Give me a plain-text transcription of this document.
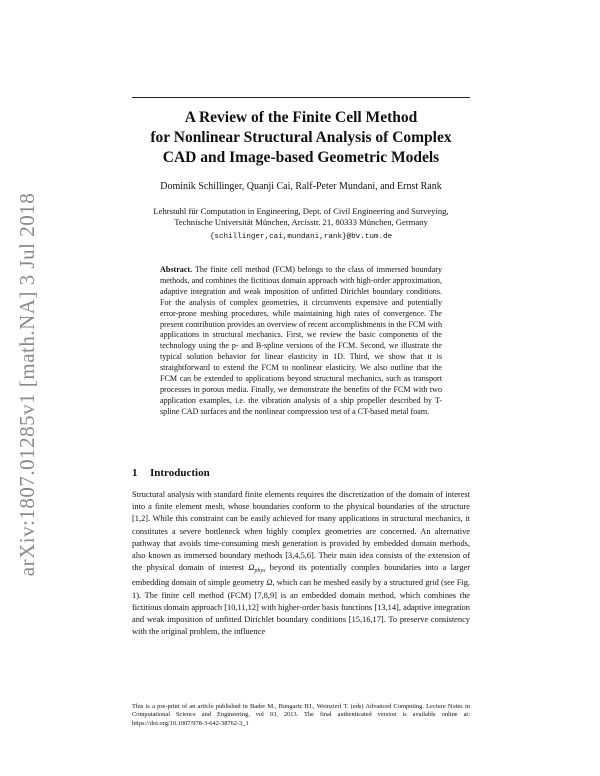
arXiv:1807.01285v1 [math.NA] 3 Jul 2018
A Review of the Finite Cell Method
for Nonlinear Structural Analysis of Complex
CAD and Image-based Geometric Models
Dominik Schillinger, Quanji Cai, Ralf-Peter Mundani, and Ernst Rank
Lehrstuhl für Computation in Engineering, Dept. of Civil Engineering and Surveying,
Technische Universität München, Arcisstr. 21, 80333 München, Germany
{schillinger,cai,mundani,rank}@bv.tum.de
Abstract. The finite cell method (FCM) belongs to the class of immersed boundary methods, and combines the fictitious domain approach with high-order approximation, adaptive integration and weak imposition of unfitted Dirichlet boundary conditions. For the analysis of complex geometries, it circumvents expensive and potentially error-prone meshing procedures, while maintaining high rates of convergence. The present contribution provides an overview of recent accomplishments in the FCM with applications in structural mechanics. First, we review the basic components of the technology using the p- and B-spline versions of the FCM. Second, we illustrate the typical solution behavior for linear elasticity in 1D. Third, we show that it is straightforward to extend the FCM to nonlinear elasticity. We also outline that the FCM can be extended to applications beyond structural mechanics, such as transport processes in porous media. Finally, we demonstrate the benefits of the FCM with two application examples, i.e. the vibration analysis of a ship propeller described by T-spline CAD surfaces and the nonlinear compression test of a CT-based metal foam.
1 Introduction

Structural analysis with standard finite elements requires the discretization of the domain of interest into a finite element mesh, whose boundaries conform to the physical boundaries of the structure [1,2]. While this constraint can be easily achieved for many applications in structural mechanics, it constitutes a severe bottleneck when highly complex geometries are concerned. An alternative pathway that avoids time-consuming mesh generation is provided by embedded domain methods, also known as immersed boundary methods [3,4,5,6]. Their main idea consists of the extension of the physical domain of interest $\Omega_{phys}$ beyond its potentially complex boundaries into a larger embedding domain of simple geometry Ω, which can be meshed easily by a structured grid (see Fig. 1). The finite cell method (FCM) [7,8,9] is an embedded domain method, which combines the fictitious domain approach [10,11,12] with higher-order basis functions [13,14], adaptive integration and weak imposition of unfitted Dirichlet boundary conditions [15,16,17]. To preserve consistency with the original problem, the influence

This is a pre-print of an article published in Bader M., Bungartz HJ., Weinzierl T. (eds) Advanced Computing. Lecture Notes in Computational Science and Engineering, vol 93, 2013. The final authenticated version is available online at: https://doi.org/10.1007/978-3-642-38762-3_1
